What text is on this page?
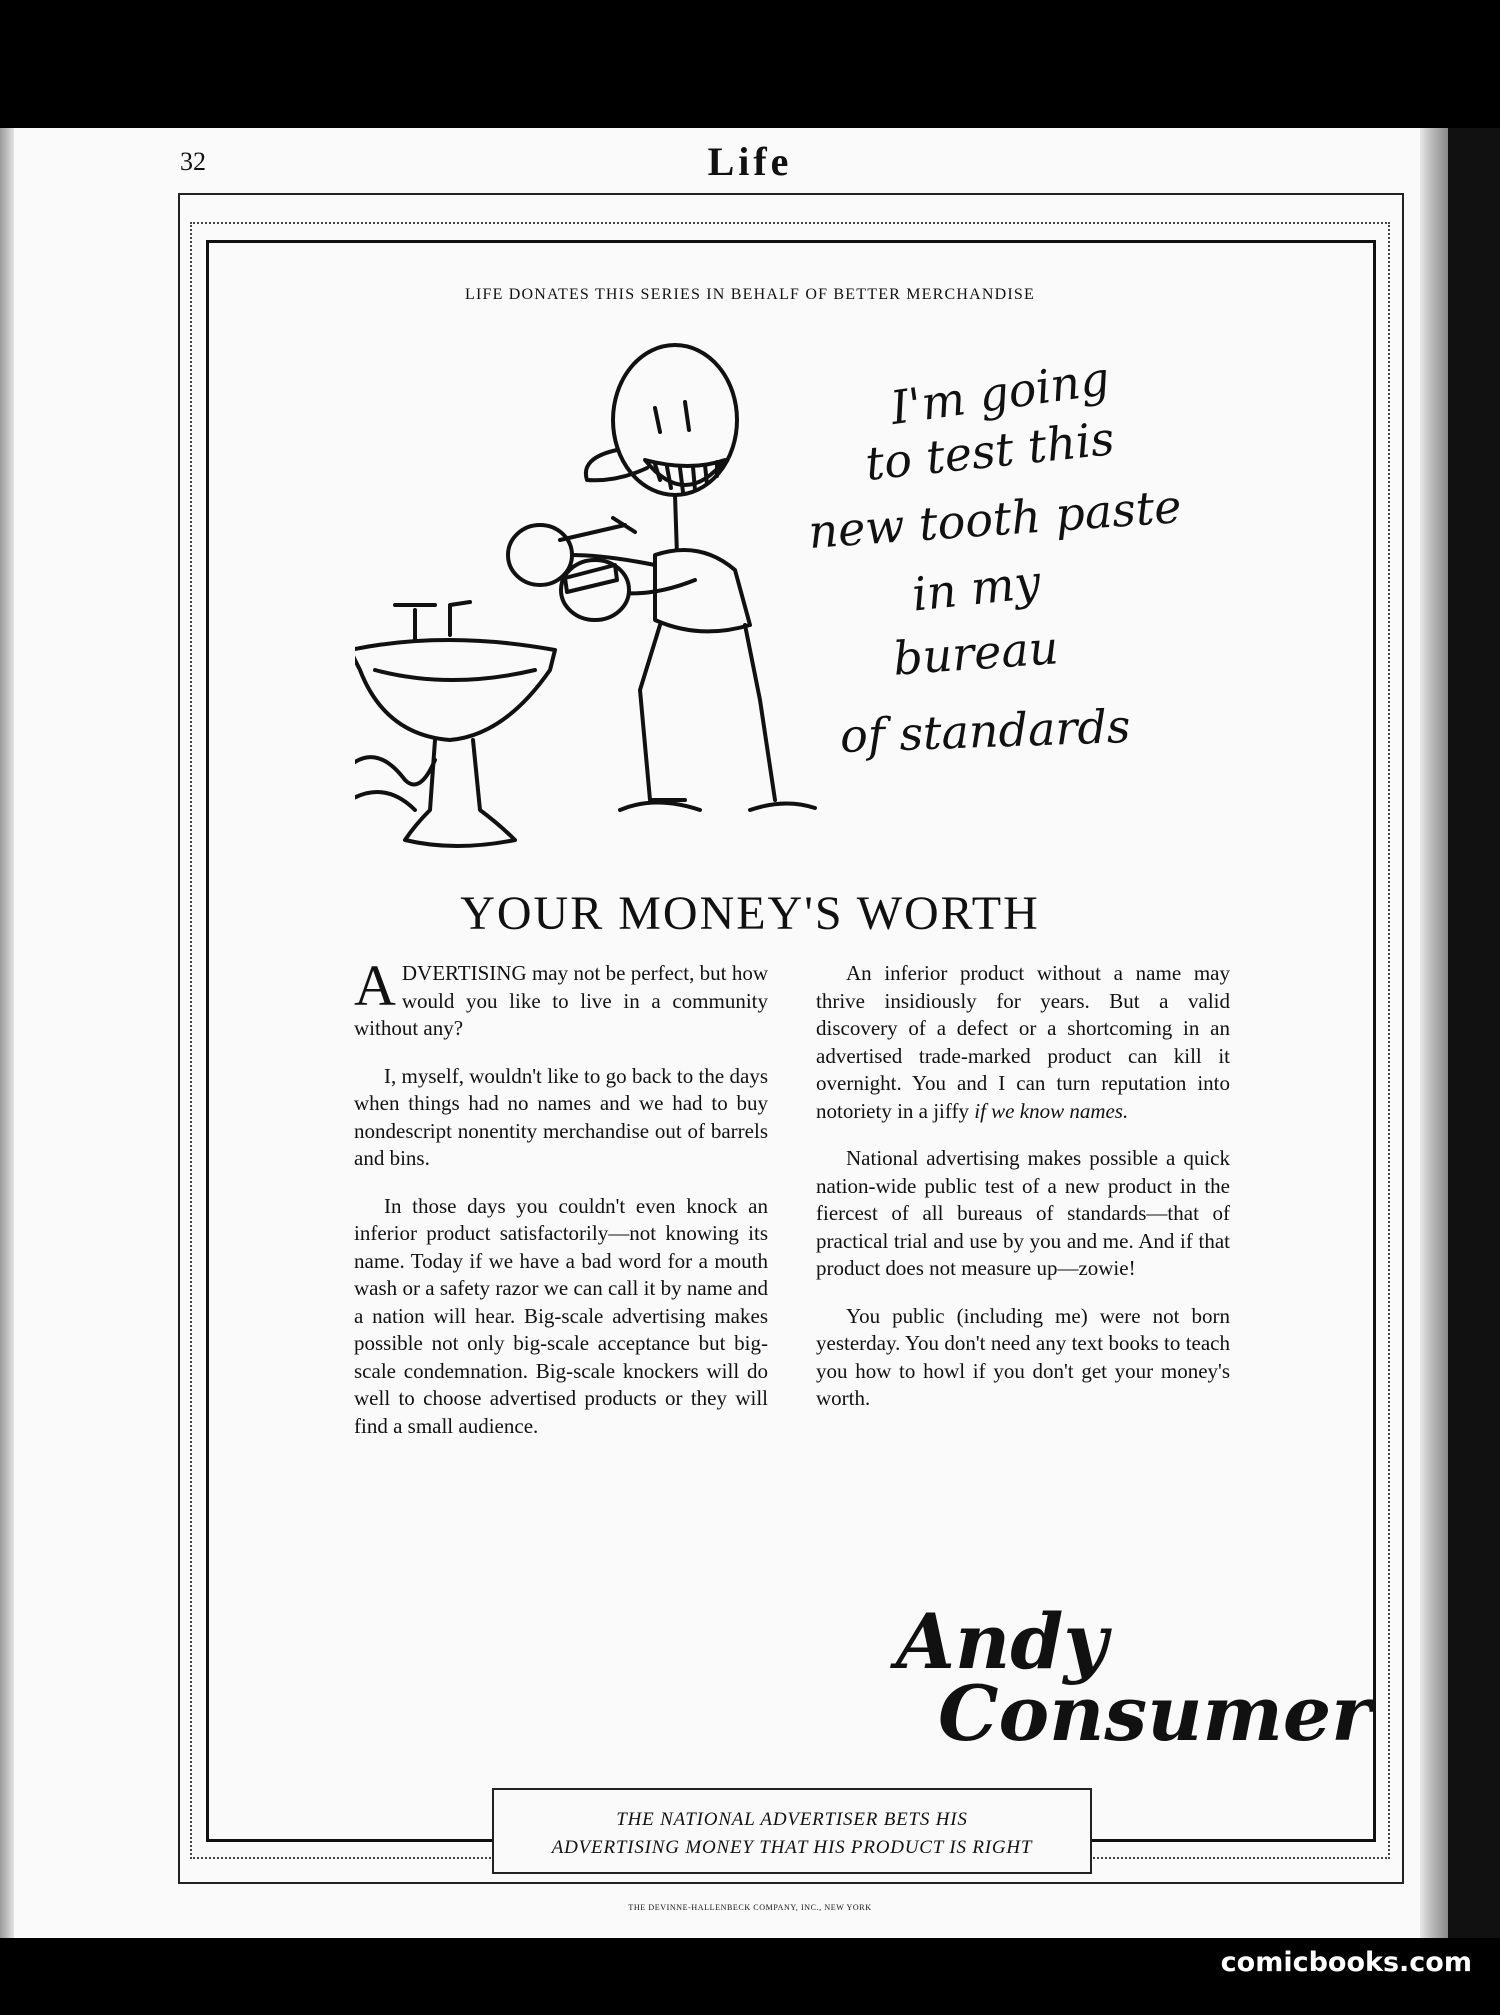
32	Life
LIFE DONATES THIS SERIES IN BEHALF OF BETTER MERCHANDISE
I'm going
to test this
new tooth paste
in my
bureau
of standards
YOUR MONEY'S WORTH

ADVERTISING may not be perfect, but how would you like to live in a community without any?

I, myself, wouldn't like to go back to the days when things had no names and we had to buy nondescript nonentity merchandise out of barrels and bins.

In those days you couldn't even knock an inferior product satisfactorily—not knowing its name. Today if we have a bad word for a mouth wash or a safety razor we can call it by name and a nation will hear. Big-scale advertising makes possible not only big-scale acceptance but big-scale condemnation. Big-scale knockers will do well to choose advertised products or they will find a small audience.

An inferior product without a name may thrive insidiously for years. But a valid discovery of a defect or a shortcoming in an advertised trade-marked product can kill it overnight. You and I can turn reputation into notoriety in a jiffy if we know names.

National advertising makes possible a quick nation-wide public test of a new product in the fiercest of all bureaus of standards—that of practical trial and use by you and me. And if that product does not measure up—zowie!

You public (including me) were not born yesterday. You don't need any text books to teach you how to howl if you don't get your money's worth.

Andy
Consumer
THE NATIONAL ADVERTISER BETS HIS
ADVERTISING MONEY THAT HIS PRODUCT IS RIGHT
THE DEVINNE-HALLENBECK COMPANY, INC., NEW YORK
comicbooks.com
